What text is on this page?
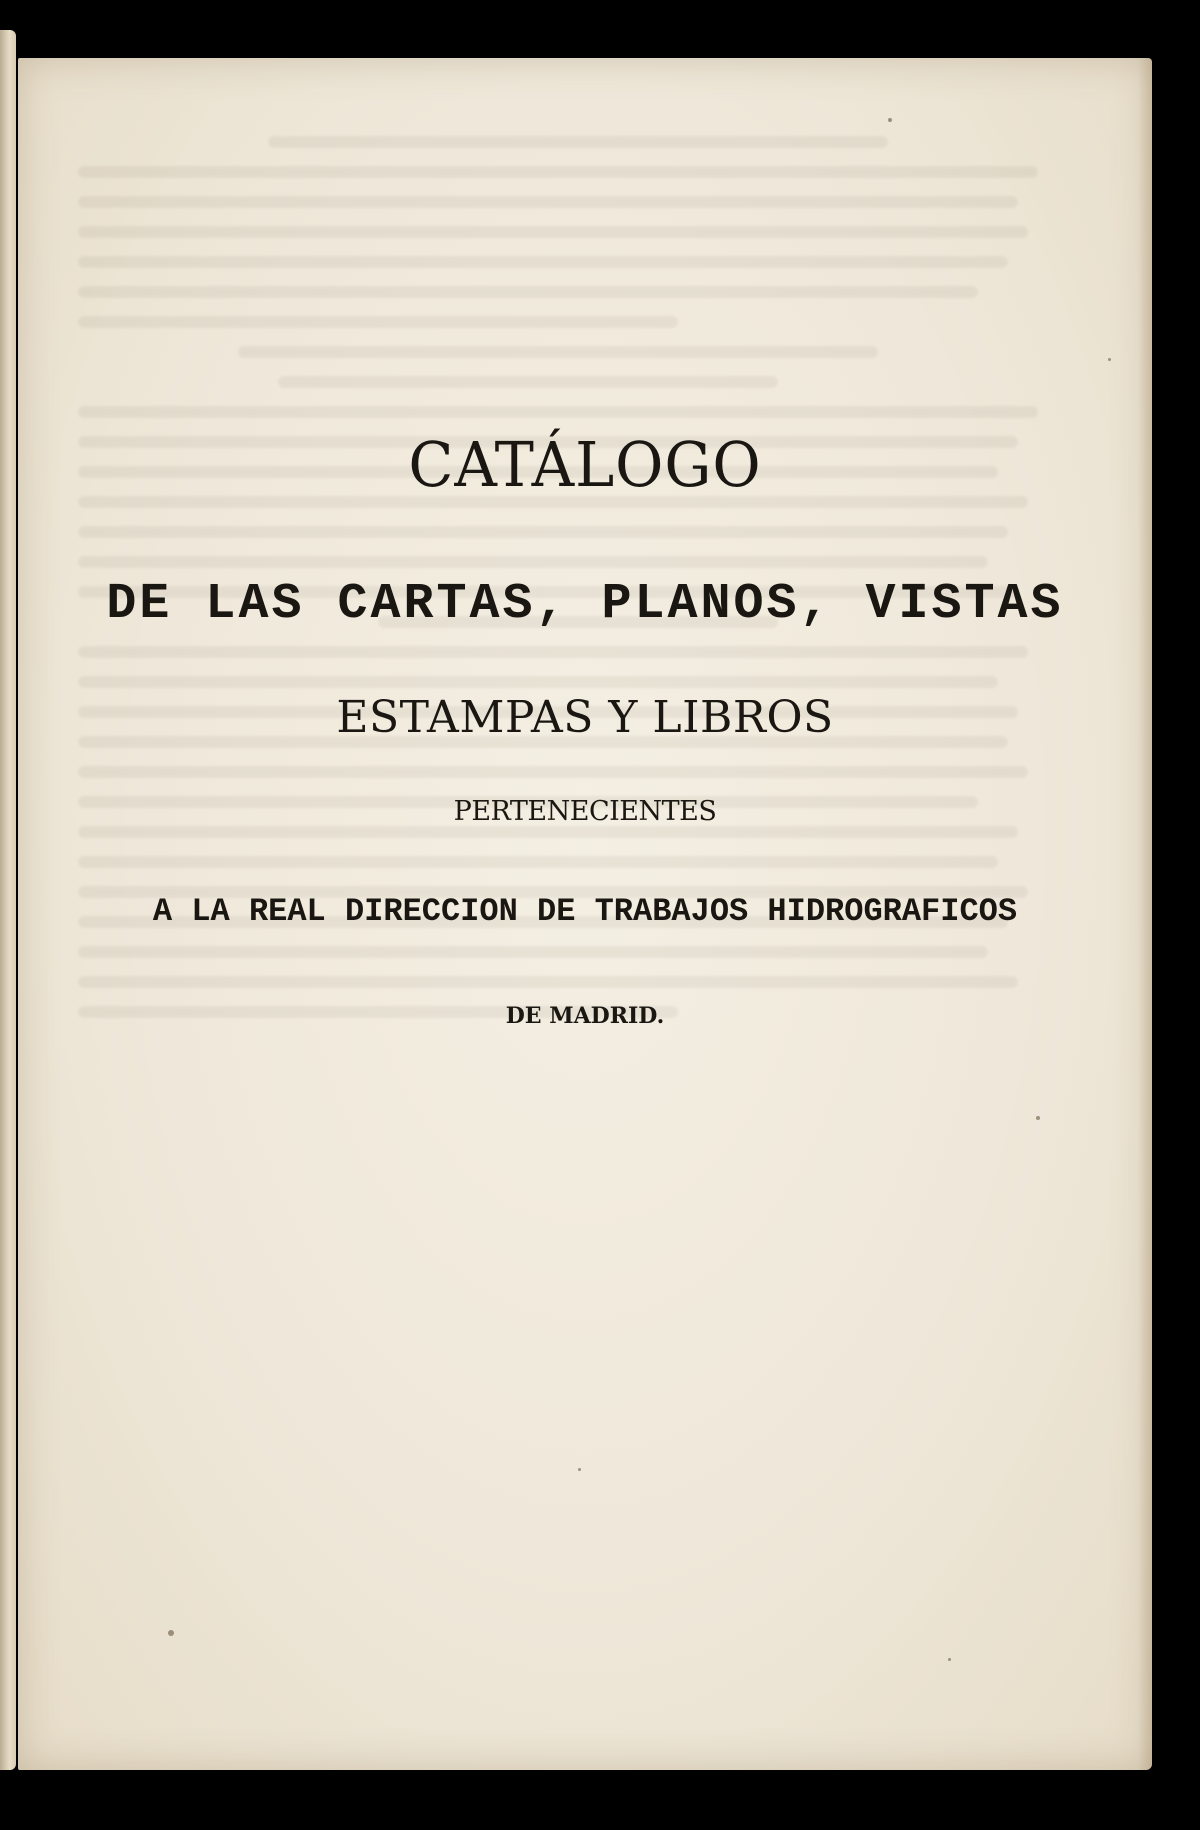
CATÁLOGO
DE LAS CARTAS, PLANOS, VISTAS
ESTAMPAS Y LIBROS
PERTENECIENTES
A LA REAL DIRECCION DE TRABAJOS HIDROGRAFICOS
DE MADRID.
